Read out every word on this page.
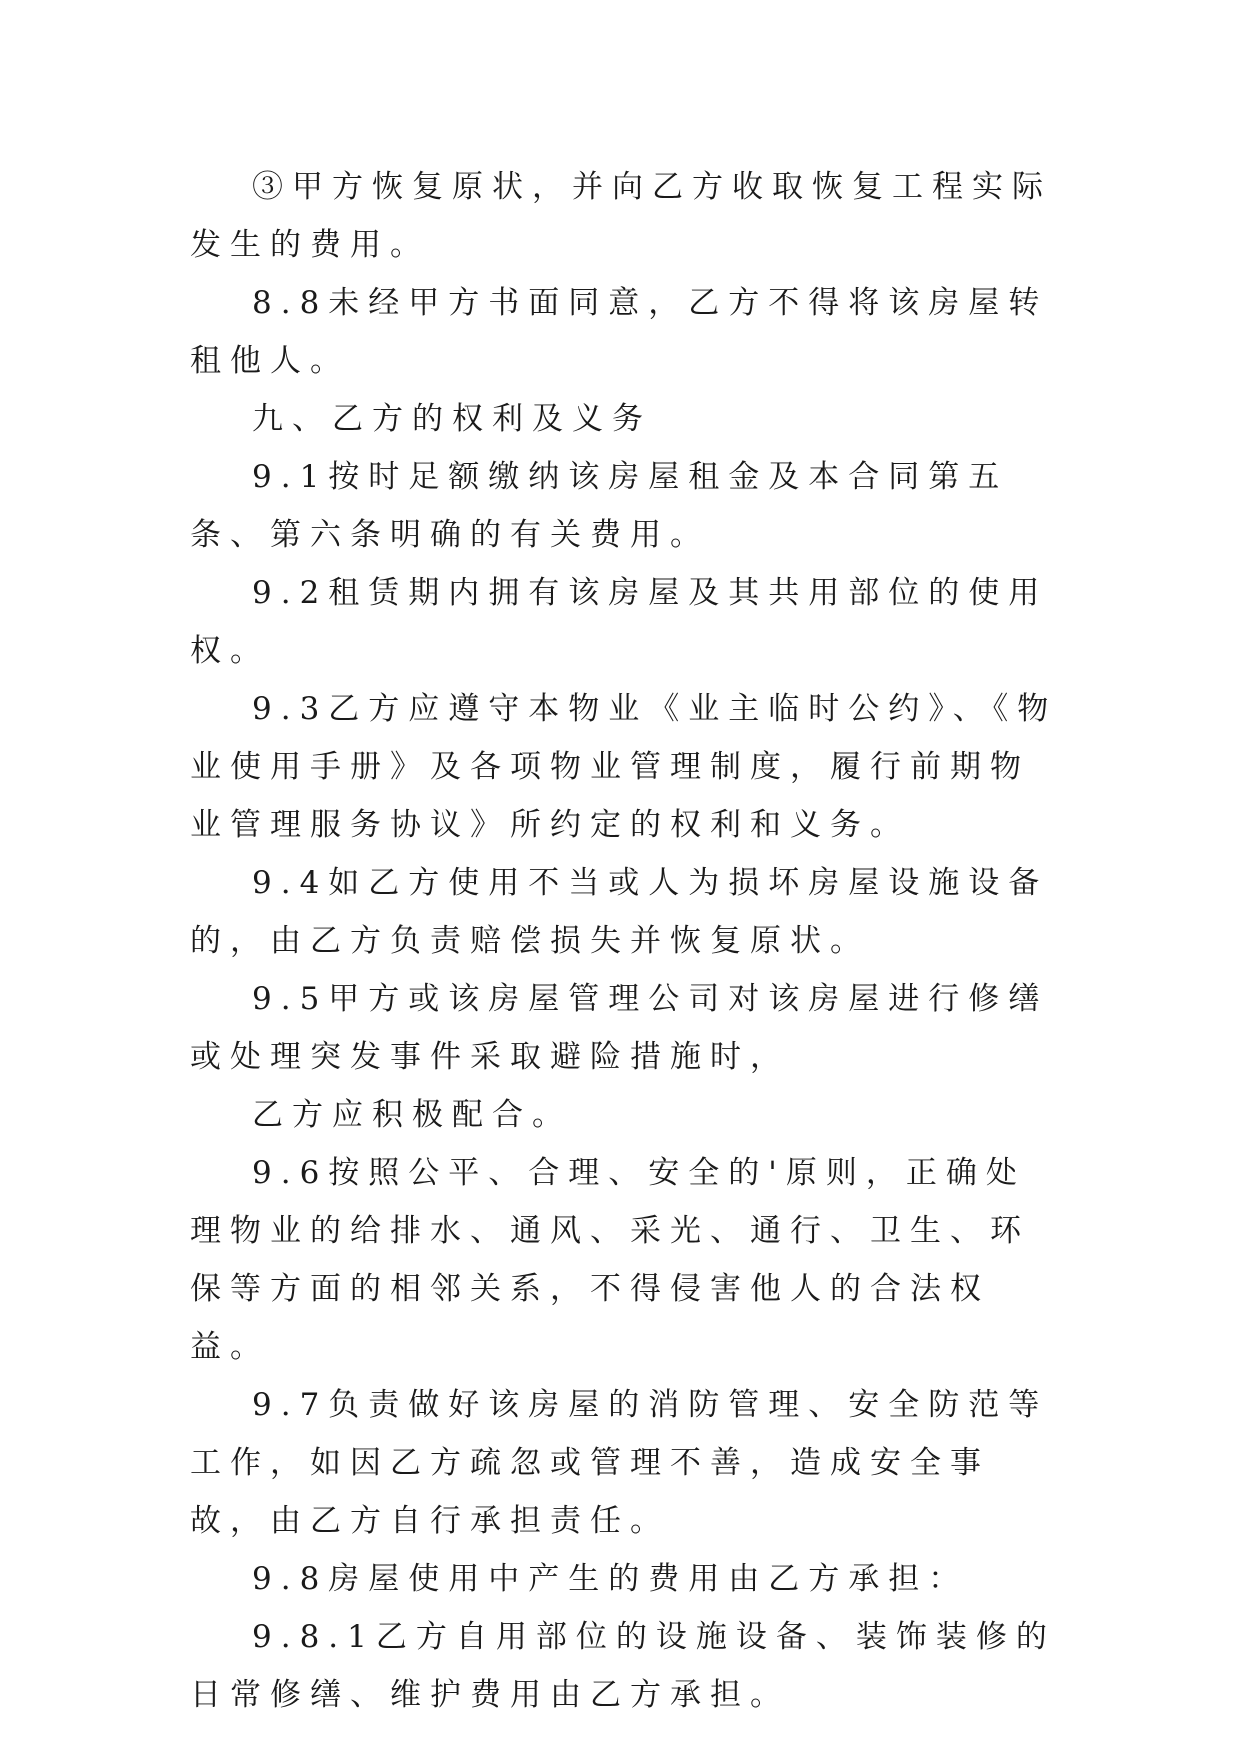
③甲方恢复原状，并向乙方收取恢复工程实际发生的费用。

8.8未经甲方书面同意，乙方不得将该房屋转租他人。

九、乙方的权利及义务

9.1按时足额缴纳该房屋租金及本合同第五条、第六条明确的有关费用。

9.2租赁期内拥有该房屋及其共用部位的使用权。

9.3乙方应遵守本物业《业主临时公约》、《物业使用手册》及各项物业管理制度，履行前期物业管理服务协议》所约定的权利和义务。

9.4如乙方使用不当或人为损坏房屋设施设备的，由乙方负责赔偿损失并恢复原状。

9.5甲方或该房屋管理公司对该房屋进行修缮或处理突发事件采取避险措施时，

乙方应积极配合。

9.6按照公平、合理、安全的'原则，正确处理物业的给排水、通风、采光、通行、卫生、环保等方面的相邻关系，不得侵害他人的合法权益。

9.7负责做好该房屋的消防管理、安全防范等工作，如因乙方疏忽或管理不善，造成安全事故，由乙方自行承担责任。

9.8房屋使用中产生的费用由乙方承担：

9.8.1乙方自用部位的设施设备、装饰装修的日常修缮、维护费用由乙方承担。
